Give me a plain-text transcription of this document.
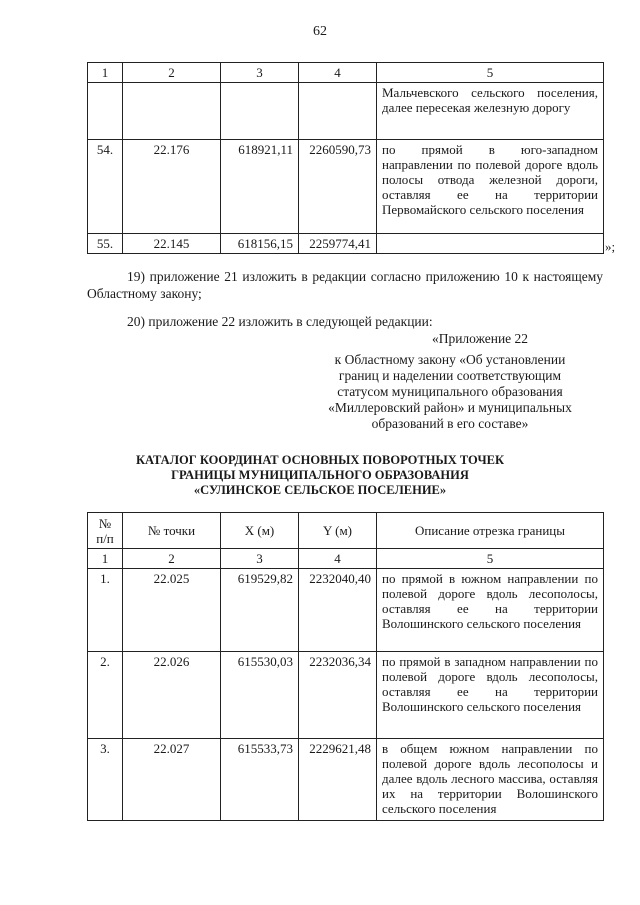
62
1	2	3	4	5
				Мальчевского сельского поселения, далее пересекая железную дорогу
54.	22.176	618921,11	2260590,73	по прямой в юго-западном направлении по полевой дороге вдоль полосы отвода железной дороги, оставляя ее на территории Первомайского сельского поселения
55.	22.145	618156,15	2259774,41		»;
19) приложение 21 изложить в редакции согласно приложению 10 к настоящему Областному закону;
20) приложение 22 изложить в следующей редакции:
«Приложение 22
к Областному закону «Об установлении
границ и наделении соответствующим
статусом муниципального образования
«Миллеровский район» и муниципальных
образований в его составе»
КАТАЛОГ КООРДИНАТ ОСНОВНЫХ ПОВОРОТНЫХ ТОЧЕК
ГРАНИЦЫ МУНИЦИПАЛЬНОГО ОБРАЗОВАНИЯ
«СУЛИНСКОЕ СЕЛЬСКОЕ ПОСЕЛЕНИЕ»
№
п/п	№ точки	X (м)	Y (м)	Описание отрезка границы
1	2	3	4	5
1.	22.025	619529,82	2232040,40	по прямой в южном направлении по полевой дороге вдоль лесополосы, оставляя ее на территории Волошинского сельского поселения
2.	22.026	615530,03	2232036,34	по прямой в западном направлении по полевой дороге вдоль лесополосы, оставляя ее на территории Волошинского сельского поселения
3.	22.027	615533,73	2229621,48	в общем южном направлении по полевой дороге вдоль лесополосы и далее вдоль лесного массива, оставляя их на территории Волошинского сельского поселения
